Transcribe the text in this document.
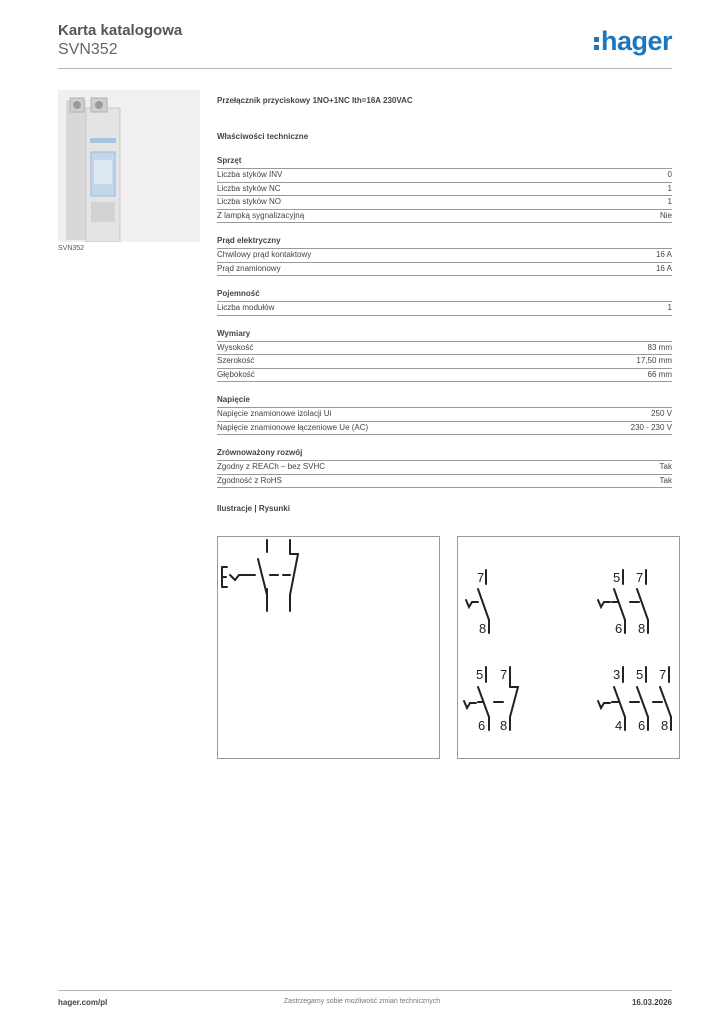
Karta katalogowa
SVN352	hager
SVN352
Przełącznik przyciskowy 1NO+1NC Ith=16A 230VAC
Właściwości techniczne
Sprzęt
Liczba styków INV	0
Liczba styków NC	1
Liczba styków NO	1
Z lampką sygnalizacyjną	Nie
Prąd elektryczny
Chwilowy prąd kontaktowy	16 A
Prąd znamionowy	16 A
Pojemność
Liczba modułów	1
Wymiary
Wysokość	83 mm
Szerokość	17,50 mm
Głębokość	66 mm
Napięcie
Napięcie znamionowe izolacji Ui	250 V
Napięcie znamionowe łączeniowe Ue (AC)	230 - 230 V
Zrównoważony rozwój
Zgodny z REACh – bez SVHC	Tak
Zgodność z RoHS	Tak
Ilustracje | Rysunki
7
8
5 7
6 8
5 7
6 8
3 5 7
4 6 8
hager.com/pl	Zastrzegamy sobie możliwość zmian technicznych	16.03.2026
